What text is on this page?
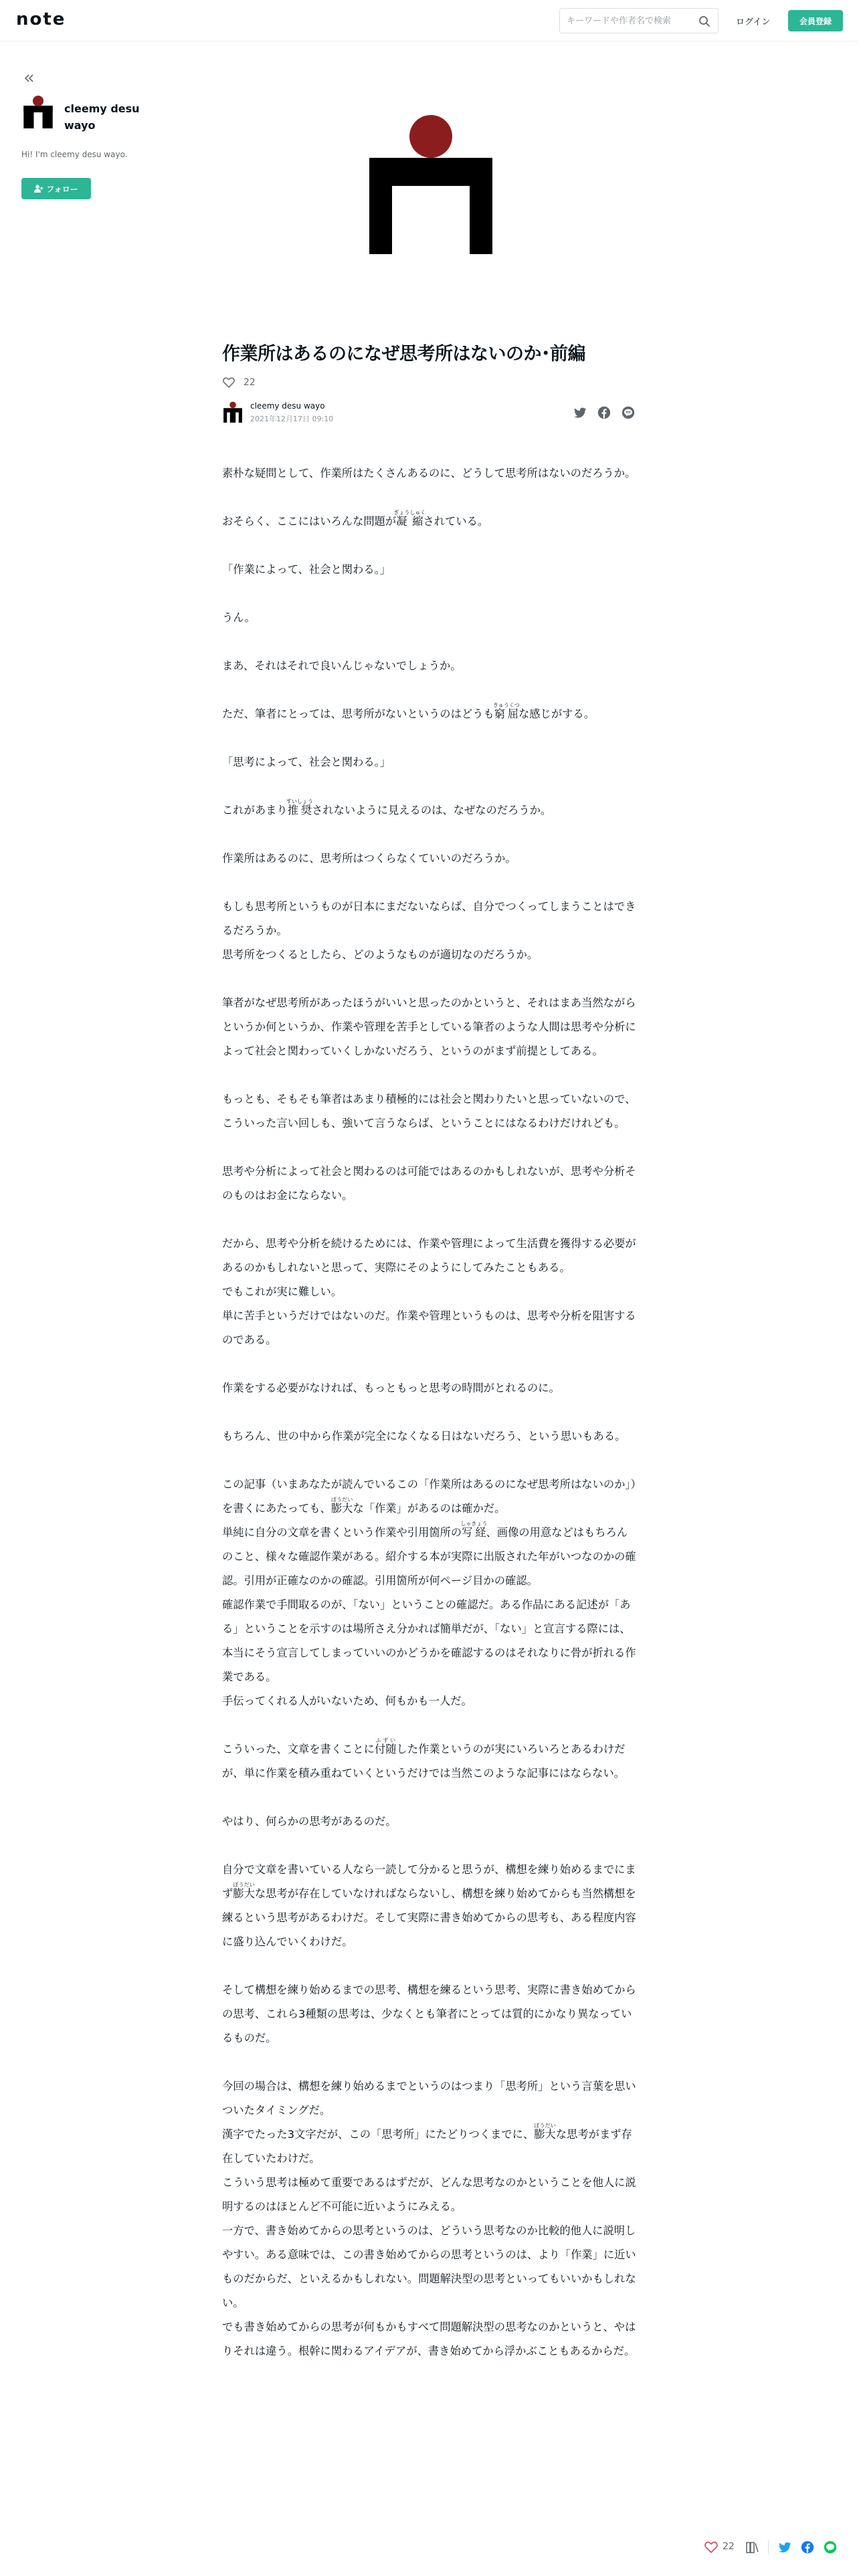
note
キーワードや作者名で検索	ログイン	会員登録
cleemy desu wayo
Hi! I'm cleemy desu wayo.
フォロー
作業所はあるのになぜ思考所はないのか･前編
22
cleemy desu wayo
2021年12月17日 09:10

素朴な疑問として、作業所はたくさんあるのに、どうして思考所はないのだろうか。

おそらく、ここにはいろんな問題が凝縮ぎょうしゅくされている。

「作業によって、社会と関わる。」

うん。

まあ、それはそれで良いんじゃないでしょうか。

ただ、筆者にとっては、思考所がないというのはどうも窮屈きゅうくつな感じがする。

「思考によって、社会と関わる。」

これがあまり推奨すいしょうされないように見えるのは、なぜなのだろうか。

作業所はあるのに、思考所はつくらなくていいのだろうか。

もしも思考所というものが日本にまだないならば、自分でつくってしまうことはできるだろうか。
思考所をつくるとしたら、どのようなものが適切なのだろうか。

筆者がなぜ思考所があったほうがいいと思ったのかというと、それはまあ当然ながらというか何というか、作業や管理を苦手としている筆者のような人間は思考や分析によって社会と関わっていくしかないだろう、というのがまず前提としてある。

もっとも、そもそも筆者はあまり積極的には社会と関わりたいと思っていないので、こういった言い回しも、強いて言うならば、ということにはなるわけだけれども。

思考や分析によって社会と関わるのは可能ではあるのかもしれないが、思考や分析そのものはお金にならない。

だから、思考や分析を続けるためには、作業や管理によって生活費を獲得する必要があるのかもしれないと思って、実際にそのようにしてみたこともある。
でもこれが実に難しい。
単に苦手というだけではないのだ。作業や管理というものは、思考や分析を阻害するのである。

作業をする必要がなければ、もっともっと思考の時間がとれるのに。

もちろん、世の中から作業が完全になくなる日はないだろう、という思いもある。

この記事（いまあなたが読んでいるこの「作業所はあるのになぜ思考所はないのか」）を書くにあたっても、膨大ぼうだいな「作業」があるのは確かだ。
単純に自分の文章を書くという作業や引用箇所の写経しゃきょう、画像の用意などはもちろんのこと、様々な確認作業がある。紹介する本が実際に出版された年がいつなのかの確認。引用が正確なのかの確認。引用箇所が何ページ目かの確認。
確認作業で手間取るのが、「ない」ということの確認だ。ある作品にある記述が「ある」ということを示すのは場所さえ分かれば簡単だが、「ない」と宣言する際には、本当にそう宣言してしまっていいのかどうかを確認するのはそれなりに骨が折れる作業である。
手伝ってくれる人がいないため、何もかも一人だ。

こういった、文章を書くことに付随ふずいした作業というのが実にいろいろとあるわけだが、単に作業を積み重ねていくというだけでは当然このような記事にはならない。

やはり、何らかの思考があるのだ。

自分で文章を書いている人なら一読して分かると思うが、構想を練り始めるまでにまず膨大ぼうだいな思考が存在していなければならないし、構想を練り始めてからも当然構想を練るという思考があるわけだ。そして実際に書き始めてからの思考も、ある程度内容に盛り込んでいくわけだ。

そして構想を練り始めるまでの思考、構想を練るという思考、実際に書き始めてからの思考、これら3種類の思考は、少なくとも筆者にとっては質的にかなり異なっているものだ。

今回の場合は、構想を練り始めるまでというのはつまり「思考所」という言葉を思いついたタイミングだ。
漢字でたった3文字だが、この「思考所」にたどりつくまでに、膨大ぼうだいな思考がまず存在していたわけだ。
こういう思考は極めて重要であるはずだが、どんな思考なのかということを他人に説明するのはほとんど不可能に近いようにみえる。
一方で、書き始めてからの思考というのは、どういう思考なのか比較的他人に説明しやすい。ある意味では、この書き始めてからの思考というのは、より「作業」に近いものだからだ、といえるかもしれない。問題解決型の思考といってもいいかもしれない。
でも書き始めてからの思考が何もかもすべて問題解決型の思考なのかというと、やはりそれは違う。根幹に関わるアイデアが、書き始めてから浮かぶこともあるからだ。

22
